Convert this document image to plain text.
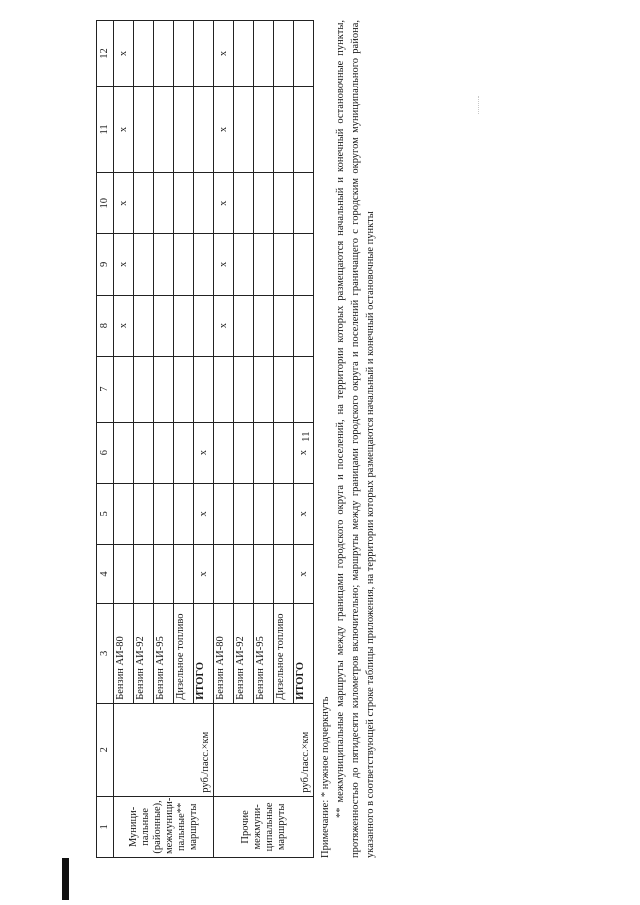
11
1	2	3	4	5	6	7	8	9	10	11	12
Муници-пальные (районные), межмуници-пальные** маршруты	руб./пасс.×км	Бензин АИ-80					х	х	х	х	х
		Бензин АИ-92									
		Бензин АИ-95									
		Дизельное топливо									
		ИТОГО	х	х	х						
Прочие межмуни-ципальные маршруты	руб./пасс.×км	Бензин АИ-80					х	х	х	х	х
		Бензин АИ-92									
		Бензин АИ-95									
		Дизельное топливо									
		ИТОГО	х	х	х						

Примечание: * нужное подчеркнуть ** межмуниципальные маршруты между границами городского округа и поселений, на территории которых размещаются начальный и конечный остановочные пункты, протяженностью до пятидесяти километров включительно; маршруты между границами городского округа и поселений граничащего с городским округом муниципального района, указанного в соответствующей строке таблицы приложения, на территории которых размещаются начальный и конечный остановочные пункты
